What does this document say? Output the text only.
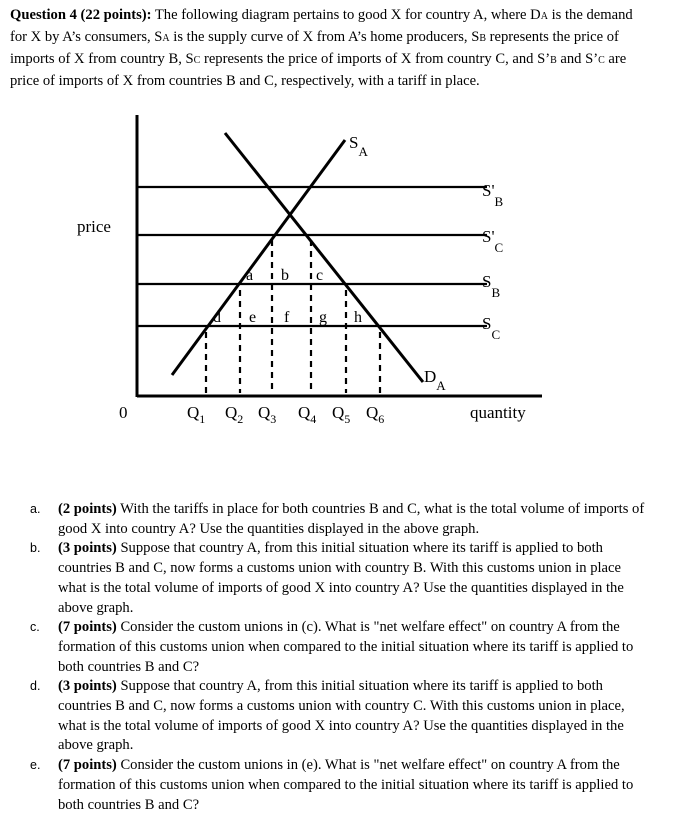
Question 4 (22 points): The following diagram pertains to good X for country A, where DA is the demand for X by A’s consumers, SA is the supply curve of X from A’s home producers, SB represents the price of imports of X from country B, SC represents the price of imports of X from country C, and S’B and S’C are price of imports of X from countries B and C, respectively, with a tariff in place.
price
0	quantity
$S_A$
$D_A$
$S'_B$
$S'_C$
$S_B$
$S_C$
a b c
d e f g h
$Q_1$ $Q_2$ $Q_3$ $Q_4$ $Q_5$ $Q_6$
a. (2 points) With the tariffs in place for both countries B and C, what is the total volume of imports of good X into country A? Use the quantities displayed in the above graph.
b. (3 points) Suppose that country A, from this initial situation where its tariff is applied to both countries B and C, now forms a customs union with country B. With this customs union in place what is the total volume of imports of good X into country A? Use the quantities displayed in the above graph.
c. (7 points) Consider the custom unions in (c). What is "net welfare effect" on country A from the formation of this customs union when compared to the initial situation where its tariff is applied to both countries B and C?
d. (3 points) Suppose that country A, from this initial situation where its tariff is applied to both countries B and C, now forms a customs union with country C. With this customs union in place, what is the total volume of imports of good X into country A? Use the quantities displayed in the above graph.
e. (7 points) Consider the custom unions in (e). What is "net welfare effect" on country A from the formation of this customs union when compared to the initial situation where its tariff is applied to both countries B and C?
